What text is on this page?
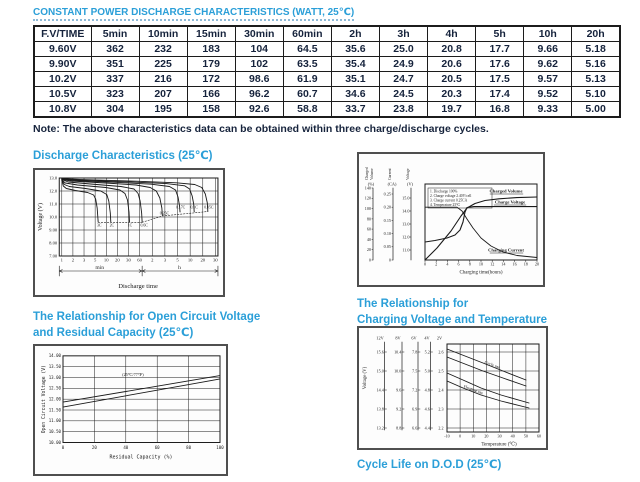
CONSTANT POWER DISCHARGE CHARACTERISTICS (WATT, 25℃)
F.V/TIME	5min	10min	15min	30min	60min	2h	3h	4h	5h	10h	20h
9.60V	362	232	183	104	64.5	35.6	25.0	20.8	17.7	9.66	5.18
9.90V	351	225	179	102	63.5	35.4	24.9	20.6	17.6	9.62	5.16
10.2V	337	216	172	98.6	61.9	35.1	24.7	20.5	17.5	9.57	5.13
10.5V	323	207	166	96.2	60.7	34.6	24.5	20.3	17.4	9.52	5.10
10.8V	304	195	158	92.6	58.8	33.7	23.8	19.7	16.8	9.33	5.00
Note: The above characteristics data can be obtained within three charge/discharge cycles.
Discharge Characteristics (25℃)
Voltage (V)
13.0
12.0
11.0
10.0
9.00
8.00
7.00
1 2 3 5 10 20 30 60 2 3 5 10 20 30
min	h
Discharge time
3C 2C	1C 0.6C
0.25C
0.17C 0.1C 0.05C
Charged Volume	Current	Voltage
(%)	(CA) (V)
0
20
40
60
80
100
120
140
0
0.05
0.10
0.15
0.20
0.25
11.0
12.0
13.0
14.0
15.0
0 2 4 6 8 10 12 14 16 18 20
Charging time(hours)
1. Discharge 100%
2. Charge voltage 2.40V/cell
3. Charge current 0.25CA
4. Temperature 25℃
Charged Volume
Charge Voltage
Charging Current
The Relationship for
Charging Voltage and Temperature
The Relationship for Open Circuit Voltage
and Residual Capacity (25℃)
14.00
13.50
13.00
12.50
12.00
11.50
11.00
10.50
10.00
0	20	40	60	80	100
Open Circuit Voltage (V)
Residual Capacity (%)
(25℃/77℉)	Voltage (V)
12V	8V 6V 4V 2V
15.6
15.0
14.4
13.8
13.2
10.4
10.0
9.6
9.2
8.8
7.8
7.5
7.2
6.9
6.6
5.2
5.0
4.8
4.6
4.4
2.6
2.5
2.4
2.3
2.2
-10 0 10 20 30 40 50 60
Temperature (℃)
Cycle use
Floating use
Cycle Life on D.O.D (25℃)
